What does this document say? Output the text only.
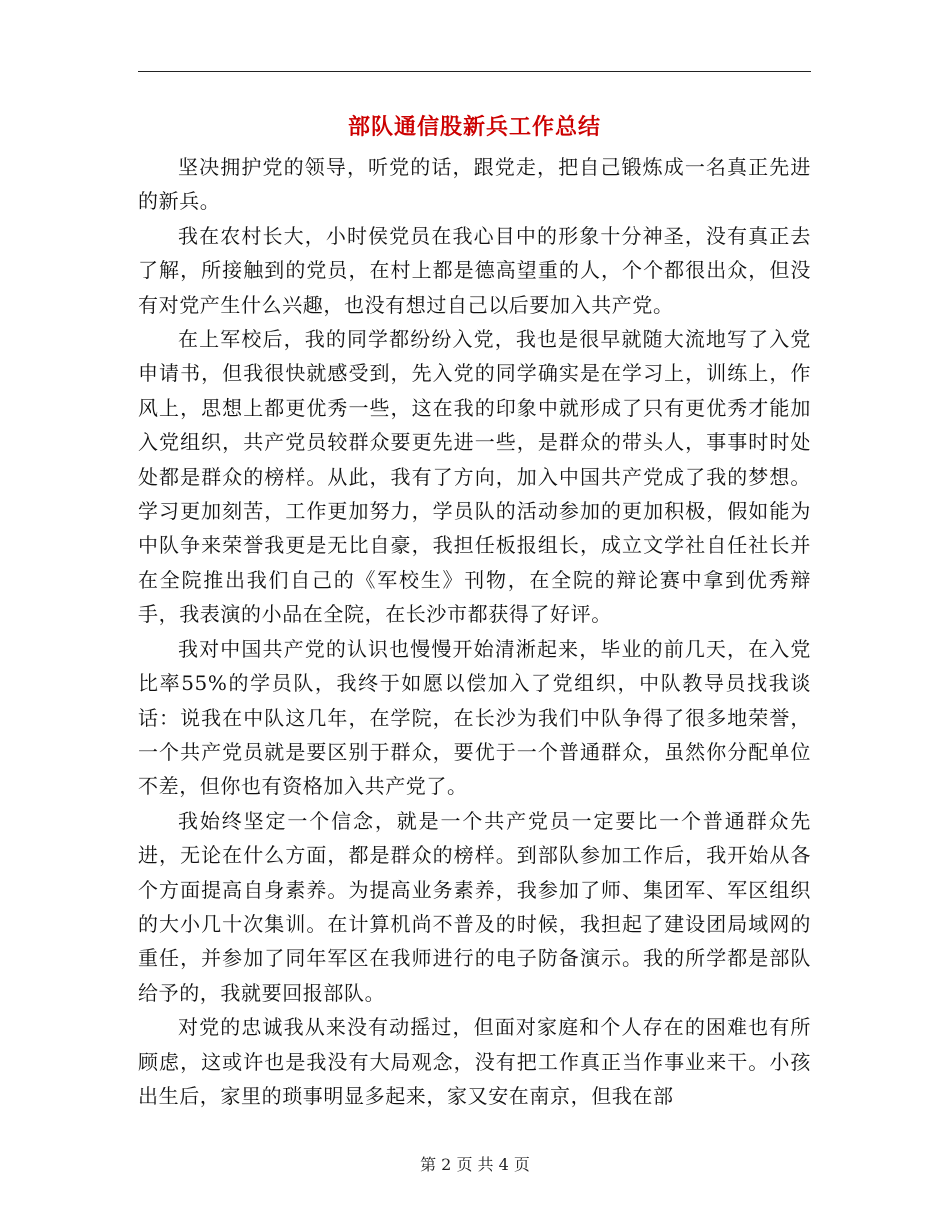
部队通信股新兵工作总结

坚决拥护党的领导，听党的话，跟党走，把自己锻炼成一名真正先进的新兵。

我在农村长大，小时侯党员在我心目中的形象十分神圣，没有真正去了解，所接触到的党员，在村上都是德高望重的人，个个都很出众，但没有对党产生什么兴趣，也没有想过自己以后要加入共产党。

在上军校后，我的同学都纷纷入党，我也是很早就随大流地写了入党申请书，但我很快就感受到，先入党的同学确实是在学习上，训练上，作风上，思想上都更优秀一些，这在我的印象中就形成了只有更优秀才能加入党组织，共产党员较群众要更先进一些，是群众的带头人，事事时时处处都是群众的榜样。从此，我有了方向，加入中国共产党成了我的梦想。学习更加刻苦，工作更加努力，学员队的活动参加的更加积极，假如能为中队争来荣誉我更是无比自豪，我担任板报组长，成立文学社自任社长并在全院推出我们自己的《军校生》刊物，在全院的辩论赛中拿到优秀辩手，我表演的小品在全院，在长沙市都获得了好评。

我对中国共产党的认识也慢慢开始清淅起来，毕业的前几天，在入党比率55%的学员队，我终于如愿以偿加入了党组织，中队教导员找我谈话：说我在中队这几年，在学院，在长沙为我们中队争得了很多地荣誉，一个共产党员就是要区别于群众，要优于一个普通群众，虽然你分配单位不差，但你也有资格加入共产党了。

我始终坚定一个信念，就是一个共产党员一定要比一个普通群众先进，无论在什么方面，都是群众的榜样。到部队参加工作后，我开始从各个方面提高自身素养。为提高业务素养，我参加了师、集团军、军区组织的大小几十次集训。在计算机尚不普及的时候，我担起了建设团局域网的重任，并参加了同年军区在我师进行的电子防备演示。我的所学都是部队给予的，我就要回报部队。

对党的忠诚我从来没有动摇过，但面对家庭和个人存在的困难也有所顾虑，这或许也是我没有大局观念，没有把工作真正当作事业来干。小孩出生后，家里的琐事明显多起来，家又安在南京，但我在部

第 2 页 共 4 页
